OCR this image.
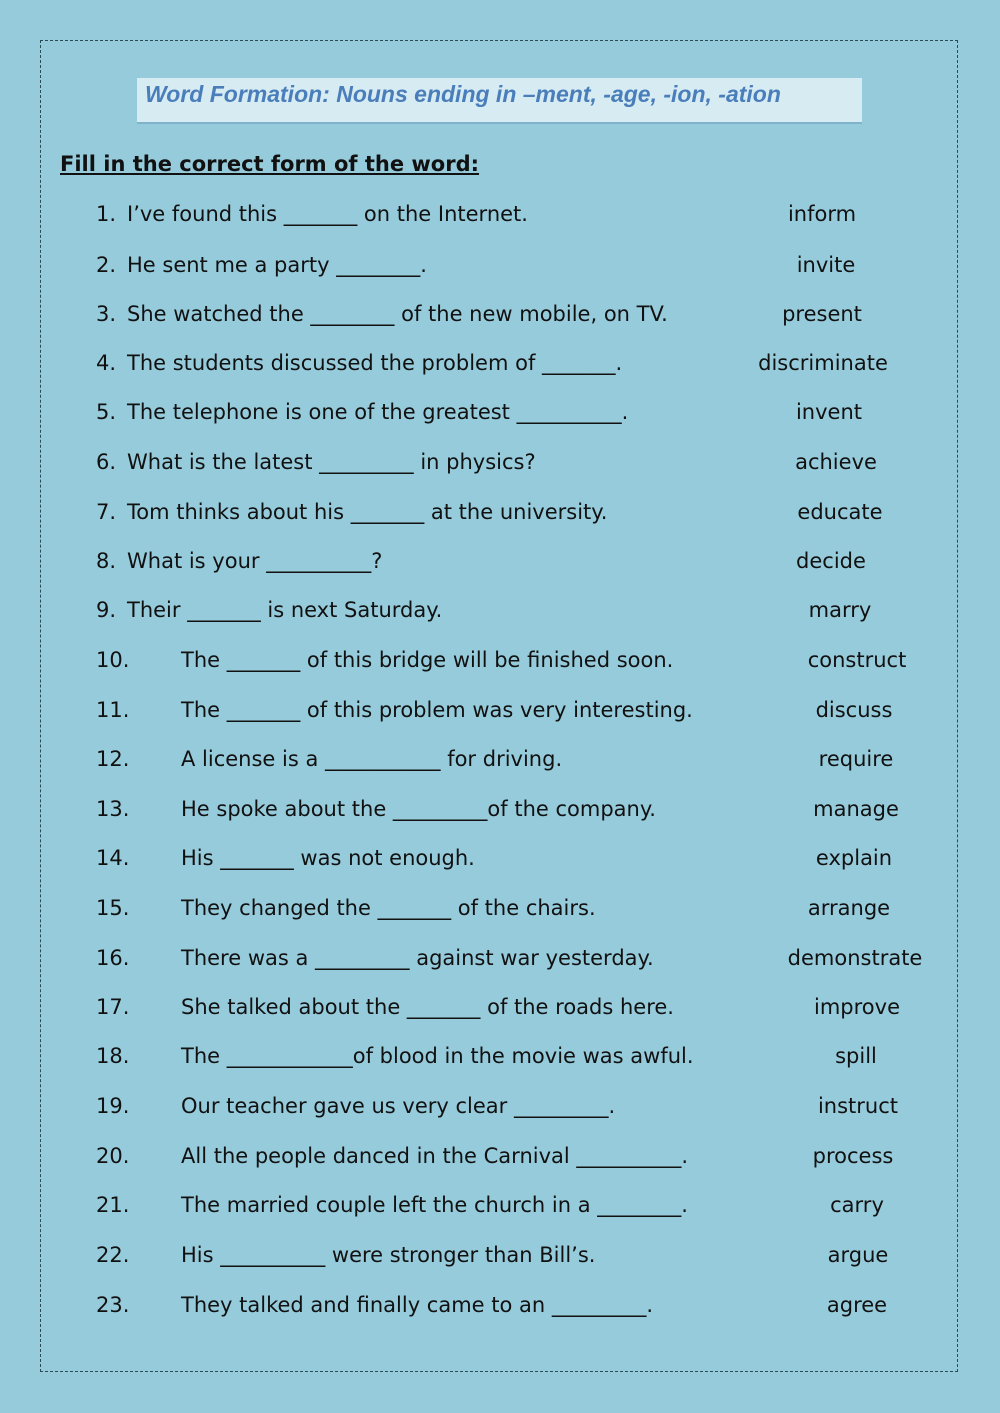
Word Formation: Nouns ending in –ment, -age, -ion, -ation
Fill in the correct form of the word:
1. I’ve found this _______ on the Internet.	inform
2. He sent me a party ________.	invite
3. She watched the ________ of the new mobile, on TV.	present
4. The students discussed the problem of _______.	discriminate
5. The telephone is one of the greatest __________.	invent
6. What is the latest _________ in physics?	achieve
7. Tom thinks about his _______ at the university.	educate
8. What is your __________?	decide
9. Their _______ is next Saturday.	marry
10. The _______ of this bridge will be finished soon.	construct
11. The _______ of this problem was very interesting.	discuss
12. A license is a ___________ for driving.	require
13. He spoke about the _________of the company.	manage
14. His _______ was not enough.	explain
15. They changed the _______ of the chairs.	arrange
16. There was a _________ against war yesterday.	demonstrate
17. She talked about the _______ of the roads here.	improve
18. The ____________of blood in the movie was awful.	spill
19. Our teacher gave us very clear _________.	instruct
20. All the people danced in the Carnival __________.	process
21. The married couple left the church in a ________.	carry
22. His __________ were stronger than Bill’s.	argue
23. They talked and finally came to an _________.	agree
